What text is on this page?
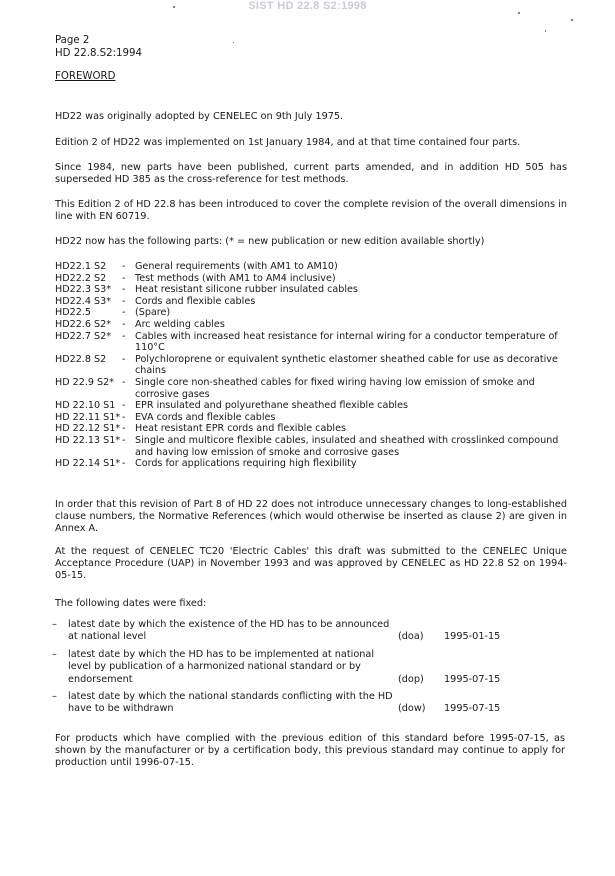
SIST HD 22.8 S2:1998
Page 2
HD 22.8.S2:1994
FOREWORD
HD22 was originally adopted by CENELEC on 9th July 1975.
Edition 2 of HD22 was implemented on 1st January 1984, and at that time contained four parts.
Since 1984, new parts have been published, current parts amended, and in addition HD 505 has superseded HD 385 as the cross-reference for test methods.
This Edition 2 of HD 22.8 has been introduced to cover the complete revision of the overall dimensions in line with EN 60719.
HD22 now has the following parts: (* = new publication or new edition available shortly)
HD22.1 S2	- General requirements (with AM1 to AM10)
HD22.2 S2	- Test methods (with AM1 to AM4 inclusive)
HD22.3 S3*	- Heat resistant silicone rubber insulated cables
HD22.4 S3*	- Cords and flexible cables
HD22.5	- (Spare)
HD22.6 S2*	- Arc welding cables
HD22.7 S2*	- Cables with increased heat resistance for internal wiring for a conductor temperature of 110°C
HD22.8 S2	- Polychloroprene or equivalent synthetic elastomer sheathed cable for use as decorative chains
HD 22.9 S2* - Single core non-sheathed cables for fixed wiring having low emission of smoke and corrosive gases
HD 22.10 S1 - EPR insulated and polyurethane sheathed flexible cables
HD 22.11 S1* - EVA cords and flexible cables
HD 22.12 S1* - Heat resistant EPR cords and flexible cables
HD 22.13 S1* - Single and multicore flexible cables, insulated and sheathed with crosslinked compound and having low emission of smoke and corrosive gases
HD 22.14 S1* - Cords for applications requiring high flexibility
In order that this revision of Part 8 of HD 22 does not introduce unnecessary changes to long-established clause numbers, the Normative References (which would otherwise be inserted as clause 2) are given in Annex A.
At the request of CENELEC TC20 'Electric Cables' this draft was submitted to the CENELEC Unique Acceptance Procedure (UAP) in November 1993 and was approved by CENELEC as HD 22.8 S2 on 1994-05-15.
The following dates were fixed:
–	latest date by which the existence of the HD has to be announced at national level	(doa)	1995-01-15
–	latest date by which the HD has to be implemented at national level by publication of a harmonized national standard or by endorsement	(dop)	1995-07-15
–	latest date by which the national standards conflicting with the HD have to be withdrawn	(dow)	1995-07-15
For products which have complied with the previous edition of this standard before 1995-07-15, as shown by the manufacturer or by a certification body, this previous standard may continue to apply for production until 1996-07-15.
